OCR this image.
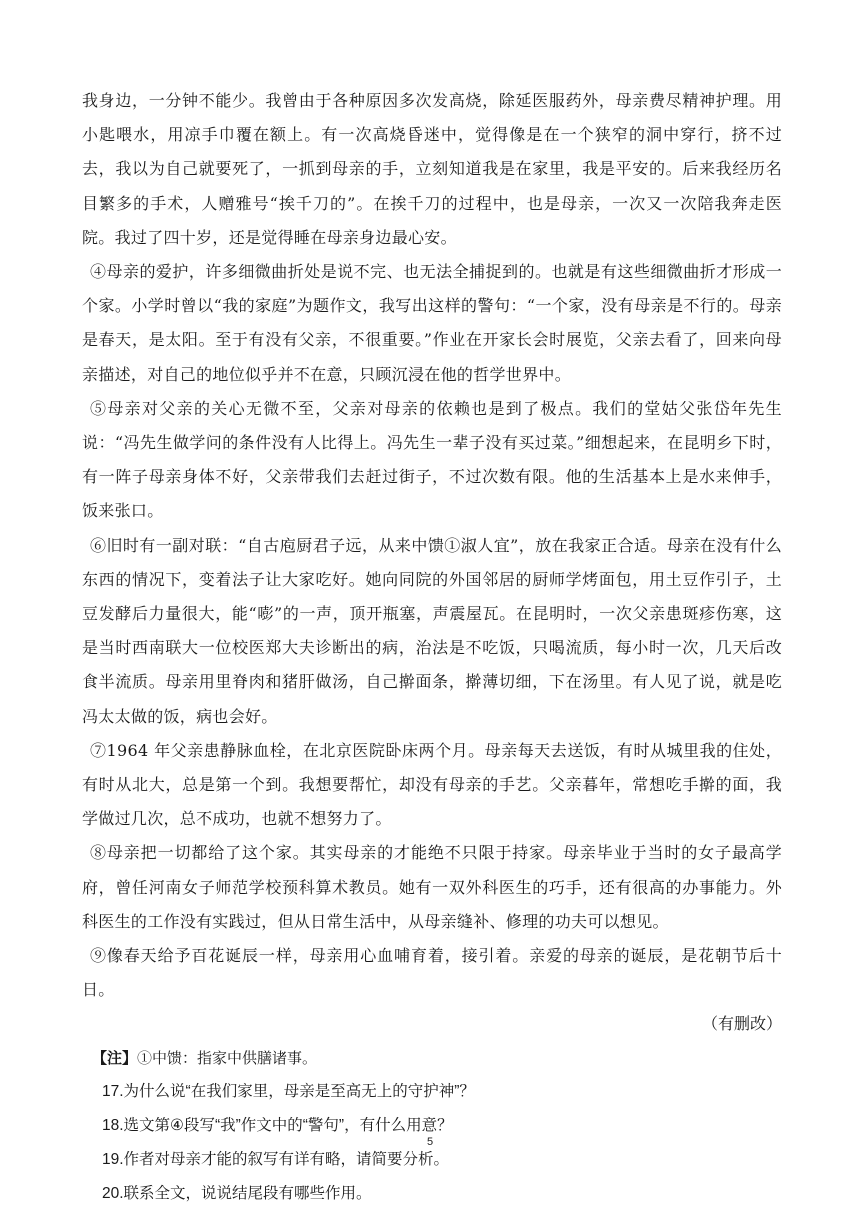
我身边，一分钟不能少。我曾由于各种原因多次发高烧，除延医服药外，母亲费尽精神护理。用小匙喂水，用凉手巾覆在额上。有一次高烧昏迷中，觉得像是在一个狭窄的洞中穿行，挤不过去，我以为自己就要死了，一抓到母亲的手，立刻知道我是在家里，我是平安的。后来我经历名目繁多的手术，人赠雅号“挨千刀的”。在挨千刀的过程中，也是母亲，一次又一次陪我奔走医院。我过了四十岁，还是觉得睡在母亲身边最心安。

④母亲的爱护，许多细微曲折处是说不完、也无法全捕捉到的。也就是有这些细微曲折才形成一个家。小学时曾以“我的家庭”为题作文，我写出这样的警句：“一个家，没有母亲是不行的。母亲是春天，是太阳。至于有没有父亲，不很重要。”作业在开家长会时展览，父亲去看了，回来向母亲描述，对自己的地位似乎并不在意，只顾沉浸在他的哲学世界中。

⑤母亲对父亲的关心无微不至，父亲对母亲的依赖也是到了极点。我们的堂姑父张岱年先生说：“冯先生做学问的条件没有人比得上。冯先生一辈子没有买过菜。”细想起来，在昆明乡下时，有一阵子母亲身体不好，父亲带我们去赶过街子，不过次数有限。他的生活基本上是水来伸手，饭来张口。

⑥旧时有一副对联：“自古庖厨君子远，从来中馈①淑人宜”，放在我家正合适。母亲在没有什么东西的情况下，变着法子让大家吃好。她向同院的外国邻居的厨师学烤面包，用土豆作引子，土豆发酵后力量很大，能“嘭”的一声，顶开瓶塞，声震屋瓦。在昆明时，一次父亲患斑疹伤寒，这是当时西南联大一位校医郑大夫诊断出的病，治法是不吃饭，只喝流质，每小时一次，几天后改食半流质。母亲用里脊肉和猪肝做汤，自己擀面条，擀薄切细，下在汤里。有人见了说，就是吃冯太太做的饭，病也会好。

⑦1964 年父亲患静脉血栓，在北京医院卧床两个月。母亲每天去送饭，有时从城里我的住处，有时从北大，总是第一个到。我想要帮忙，却没有母亲的手艺。父亲暮年，常想吃手擀的面，我学做过几次，总不成功，也就不想努力了。

⑧母亲把一切都给了这个家。其实母亲的才能绝不只限于持家。母亲毕业于当时的女子最高学府，曾任河南女子师范学校预科算术教员。她有一双外科医生的巧手，还有很高的办事能力。外科医生的工作没有实践过，但从日常生活中，从母亲缝补、修理的功夫可以想见。

⑨像春天给予百花诞辰一样，母亲用心血哺育着，接引着。亲爱的母亲的诞辰，是花朝节后十日。

（有删改）

【注】①中馈：指家中供膳诸事。

17.为什么说“在我们家里，母亲是至高无上的守护神”？

18.选文第④段写“我”作文中的“警句”，有什么用意？

19.作者对母亲才能的叙写有详有略，请简要分析。

20.联系全文，说说结尾段有哪些作用。

5
